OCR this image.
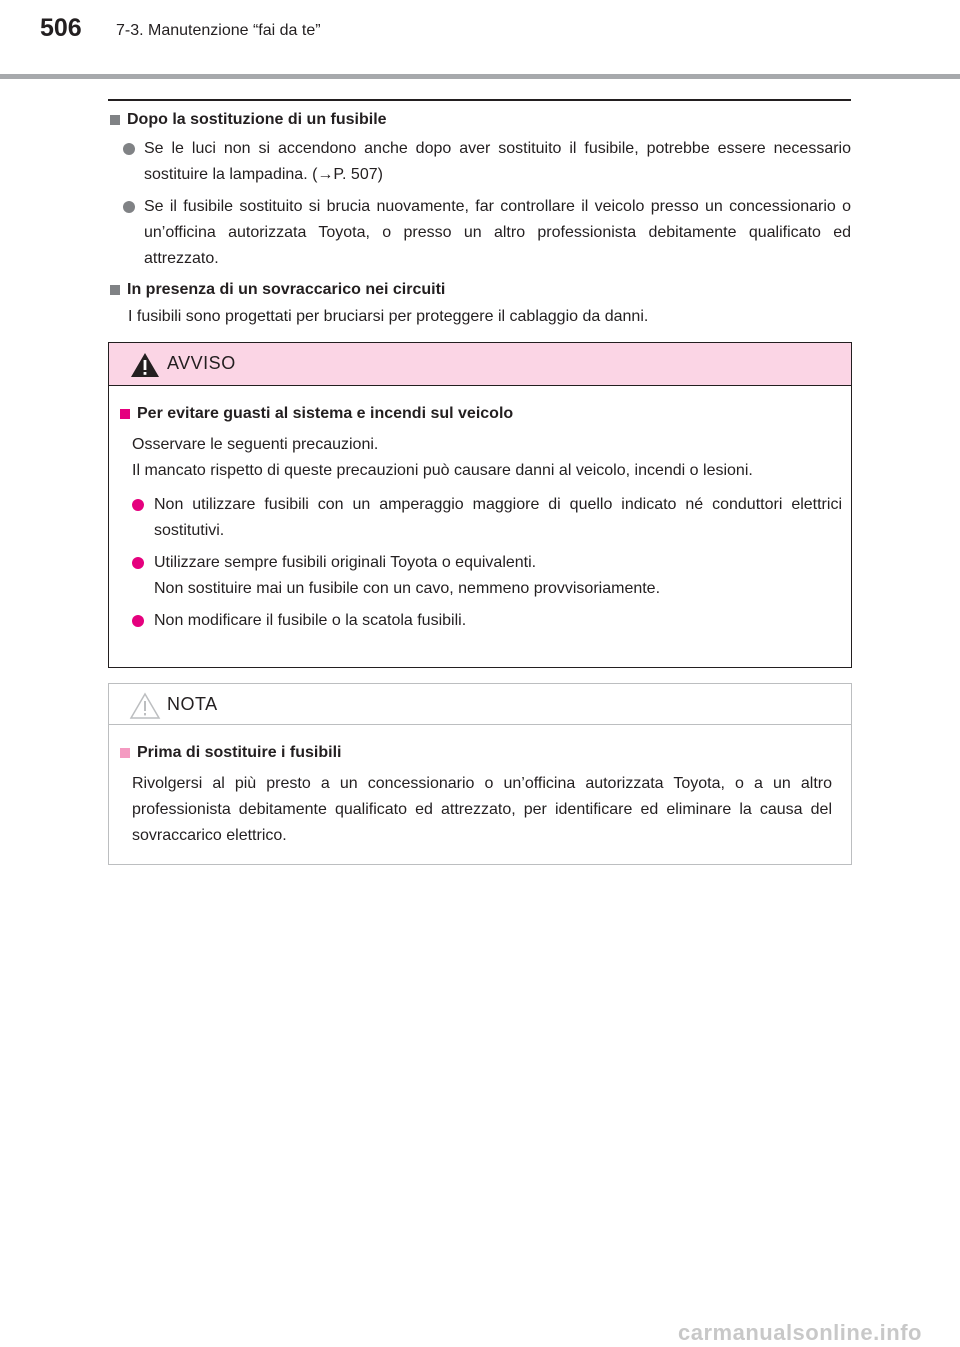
506 7-3. Manutenzione “fai da te”

Dopo la sostituzione di un fusibile

Se le luci non si accendono anche dopo aver sostituito il fusibile, potrebbe essere necessario sostituire la lampadina. (→P. 507)
Se il fusibile sostituito si brucia nuovamente, far controllare il veicolo presso un concessionario o un’officina autorizzata Toyota, o presso un altro professionista debitamente qualificato ed attrezzato.

In presenza di un sovraccarico nei circuiti

I fusibili sono progettati per bruciarsi per proteggere il cablaggio da danni.

AVVISO

Per evitare guasti al sistema e incendi sul veicolo

Osservare le seguenti precauzioni.

Il mancato rispetto di queste precauzioni può causare danni al veicolo, incendi o lesioni.

Non utilizzare fusibili con un amperaggio maggiore di quello indicato né conduttori elettrici sostitutivi.
Utilizzare sempre fusibili originali Toyota o equivalenti.
Non sostituire mai un fusibile con un cavo, nemmeno provvisoriamente.
Non modificare il fusibile o la scatola fusibili.
NOTA

Prima di sostituire i fusibili

Rivolgersi al più presto a un concessionario o un’officina autorizzata Toyota, o a un altro professionista debitamente qualificato ed attrezzato, per identificare ed eliminare la causa del sovraccarico elettrico.

carmanualsonline.info
